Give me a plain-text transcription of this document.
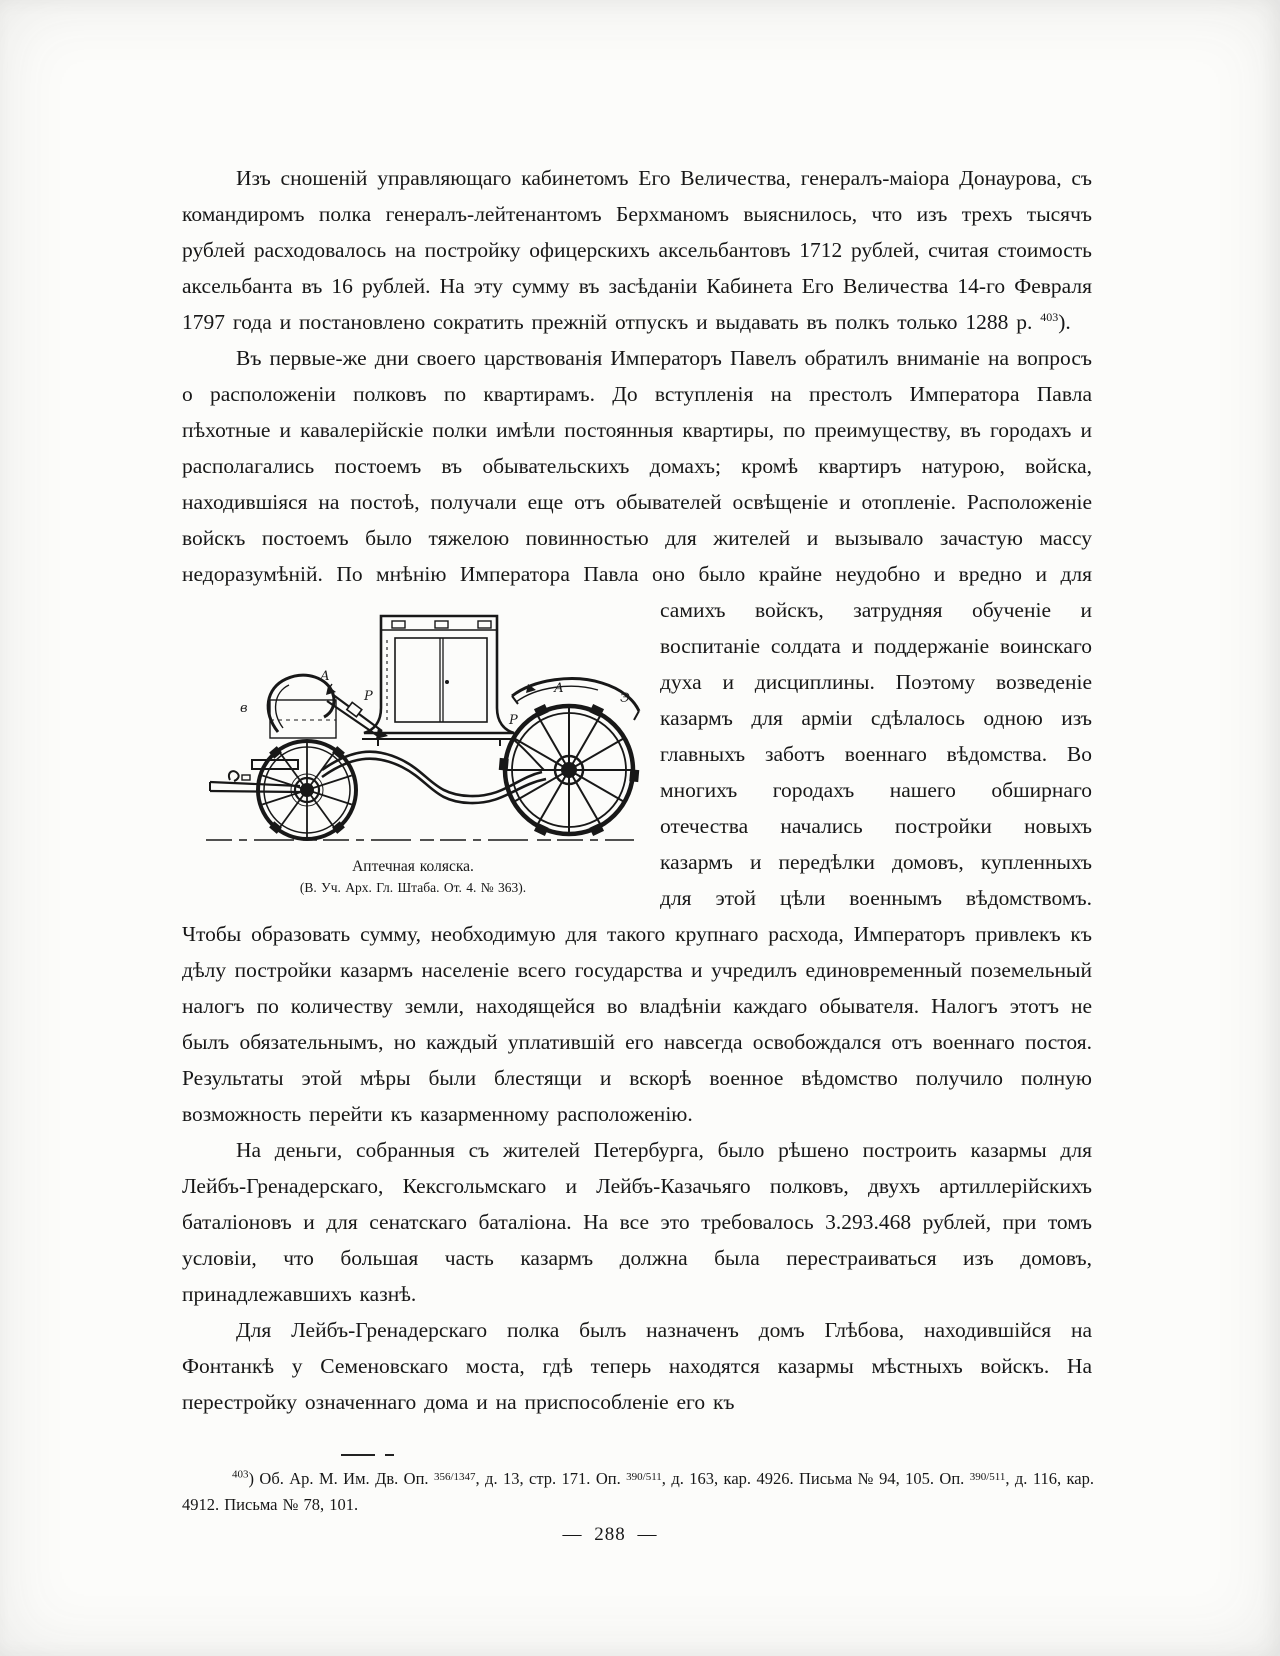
Изъ сношеній управляющаго кабинетомъ Его Величества, генералъ-маіора Донаурова, съ командиромъ полка генералъ-лейтенантомъ Берхманомъ выяснилось, что изъ трехъ тысячъ рублей расходовалось на постройку офицерскихъ аксельбантовъ 1712 рублей, считая стоимость аксельбанта въ 16 рублей. На эту сумму въ засѣданіи Кабинета Его Величества 14-го Февраля 1797 года и постановлено сократить прежній отпускъ и выдавать въ полкъ только 1288 р. $^{403}$).

Въ первые-же дни своего царствованія Императоръ Павелъ обратилъ вниманіе на вопросъ о расположеніи полковъ по квартирамъ. До вступленія на престолъ Императора Павла пѣхотные и кавалерійскіе полки имѣли постоянныя квартиры, по преимуществу, въ городахъ и располагались постоемъ въ обывательскихъ домахъ; кромѣ квартиръ натурою, войска, находившіяся на постоѣ, получали еще отъ обывателей освѣщеніе и отопленіе. Расположеніе войскъ постоемъ было тяжелою повинностью для жителей и вызывало зачастую массу недоразумѣній. По мнѣнію Императора Павла оно было крайне неудобно и вредно и
в
А
Р
Р
А
Э
Аптечная коляска.
(В. Уч. Арх. Гл. Штаба. От. 4. № 363).
для самихъ войскъ, затрудняя обученіе и воспитаніе солдата и поддержаніе воинскаго духа и дисциплины. Поэтому возведеніе казармъ для арміи сдѣлалось одною изъ главныхъ заботъ военнаго вѣдомства. Во многихъ городахъ нашего обширнаго отечества начались постройки новыхъ казармъ и передѣлки домовъ, купленныхъ для этой цѣли военнымъ вѣдомствомъ. Чтобы образовать сумму, необходимую для такого крупнаго расхода, Императоръ привлекъ къ дѣлу постройки казармъ населеніе всего государства и учредилъ единовременный поземельный налогъ по количеству земли, находящейся во владѣніи каждаго обывателя. Налогъ этотъ не былъ обязательнымъ, но каждый уплатившій его навсегда освобождался отъ военнаго постоя. Результаты этой мѣры были блестящи и вскорѣ военное вѣдомство получило полную возможность перейти къ казарменному расположенію.

На деньги, собранныя съ жителей Петербурга, было рѣшено построить казармы для Лейбъ-Гренадерскаго, Кексгольмскаго и Лейбъ-Казачьяго полковъ, двухъ артиллерійскихъ баталіоновъ и для сенатскаго баталіона. На все это требовалось 3.293.468 рублей, при томъ условіи, что большая часть казармъ должна была перестраиваться изъ домовъ, принадлежавшихъ казнѣ.

Для Лейбъ-Гренадерскаго полка былъ назначенъ домъ Глѣбова, находившійся на Фонтанкѣ у Семеновскаго моста, гдѣ теперь находятся казармы мѣстныхъ войскъ. На перестройку означеннаго дома и на приспособленіе его къ

$^{403}$) Об. Ар. М. Им. Дв. Оп. $^{356/1347}$, д. 13, стр. 171. Оп. $^{390/511}$, д. 163, кар. 4926. Письма № 94, 105. Оп. $^{390/511}$, д. 116, кар. 4912. Письма № 78, 101.

— 288 —
